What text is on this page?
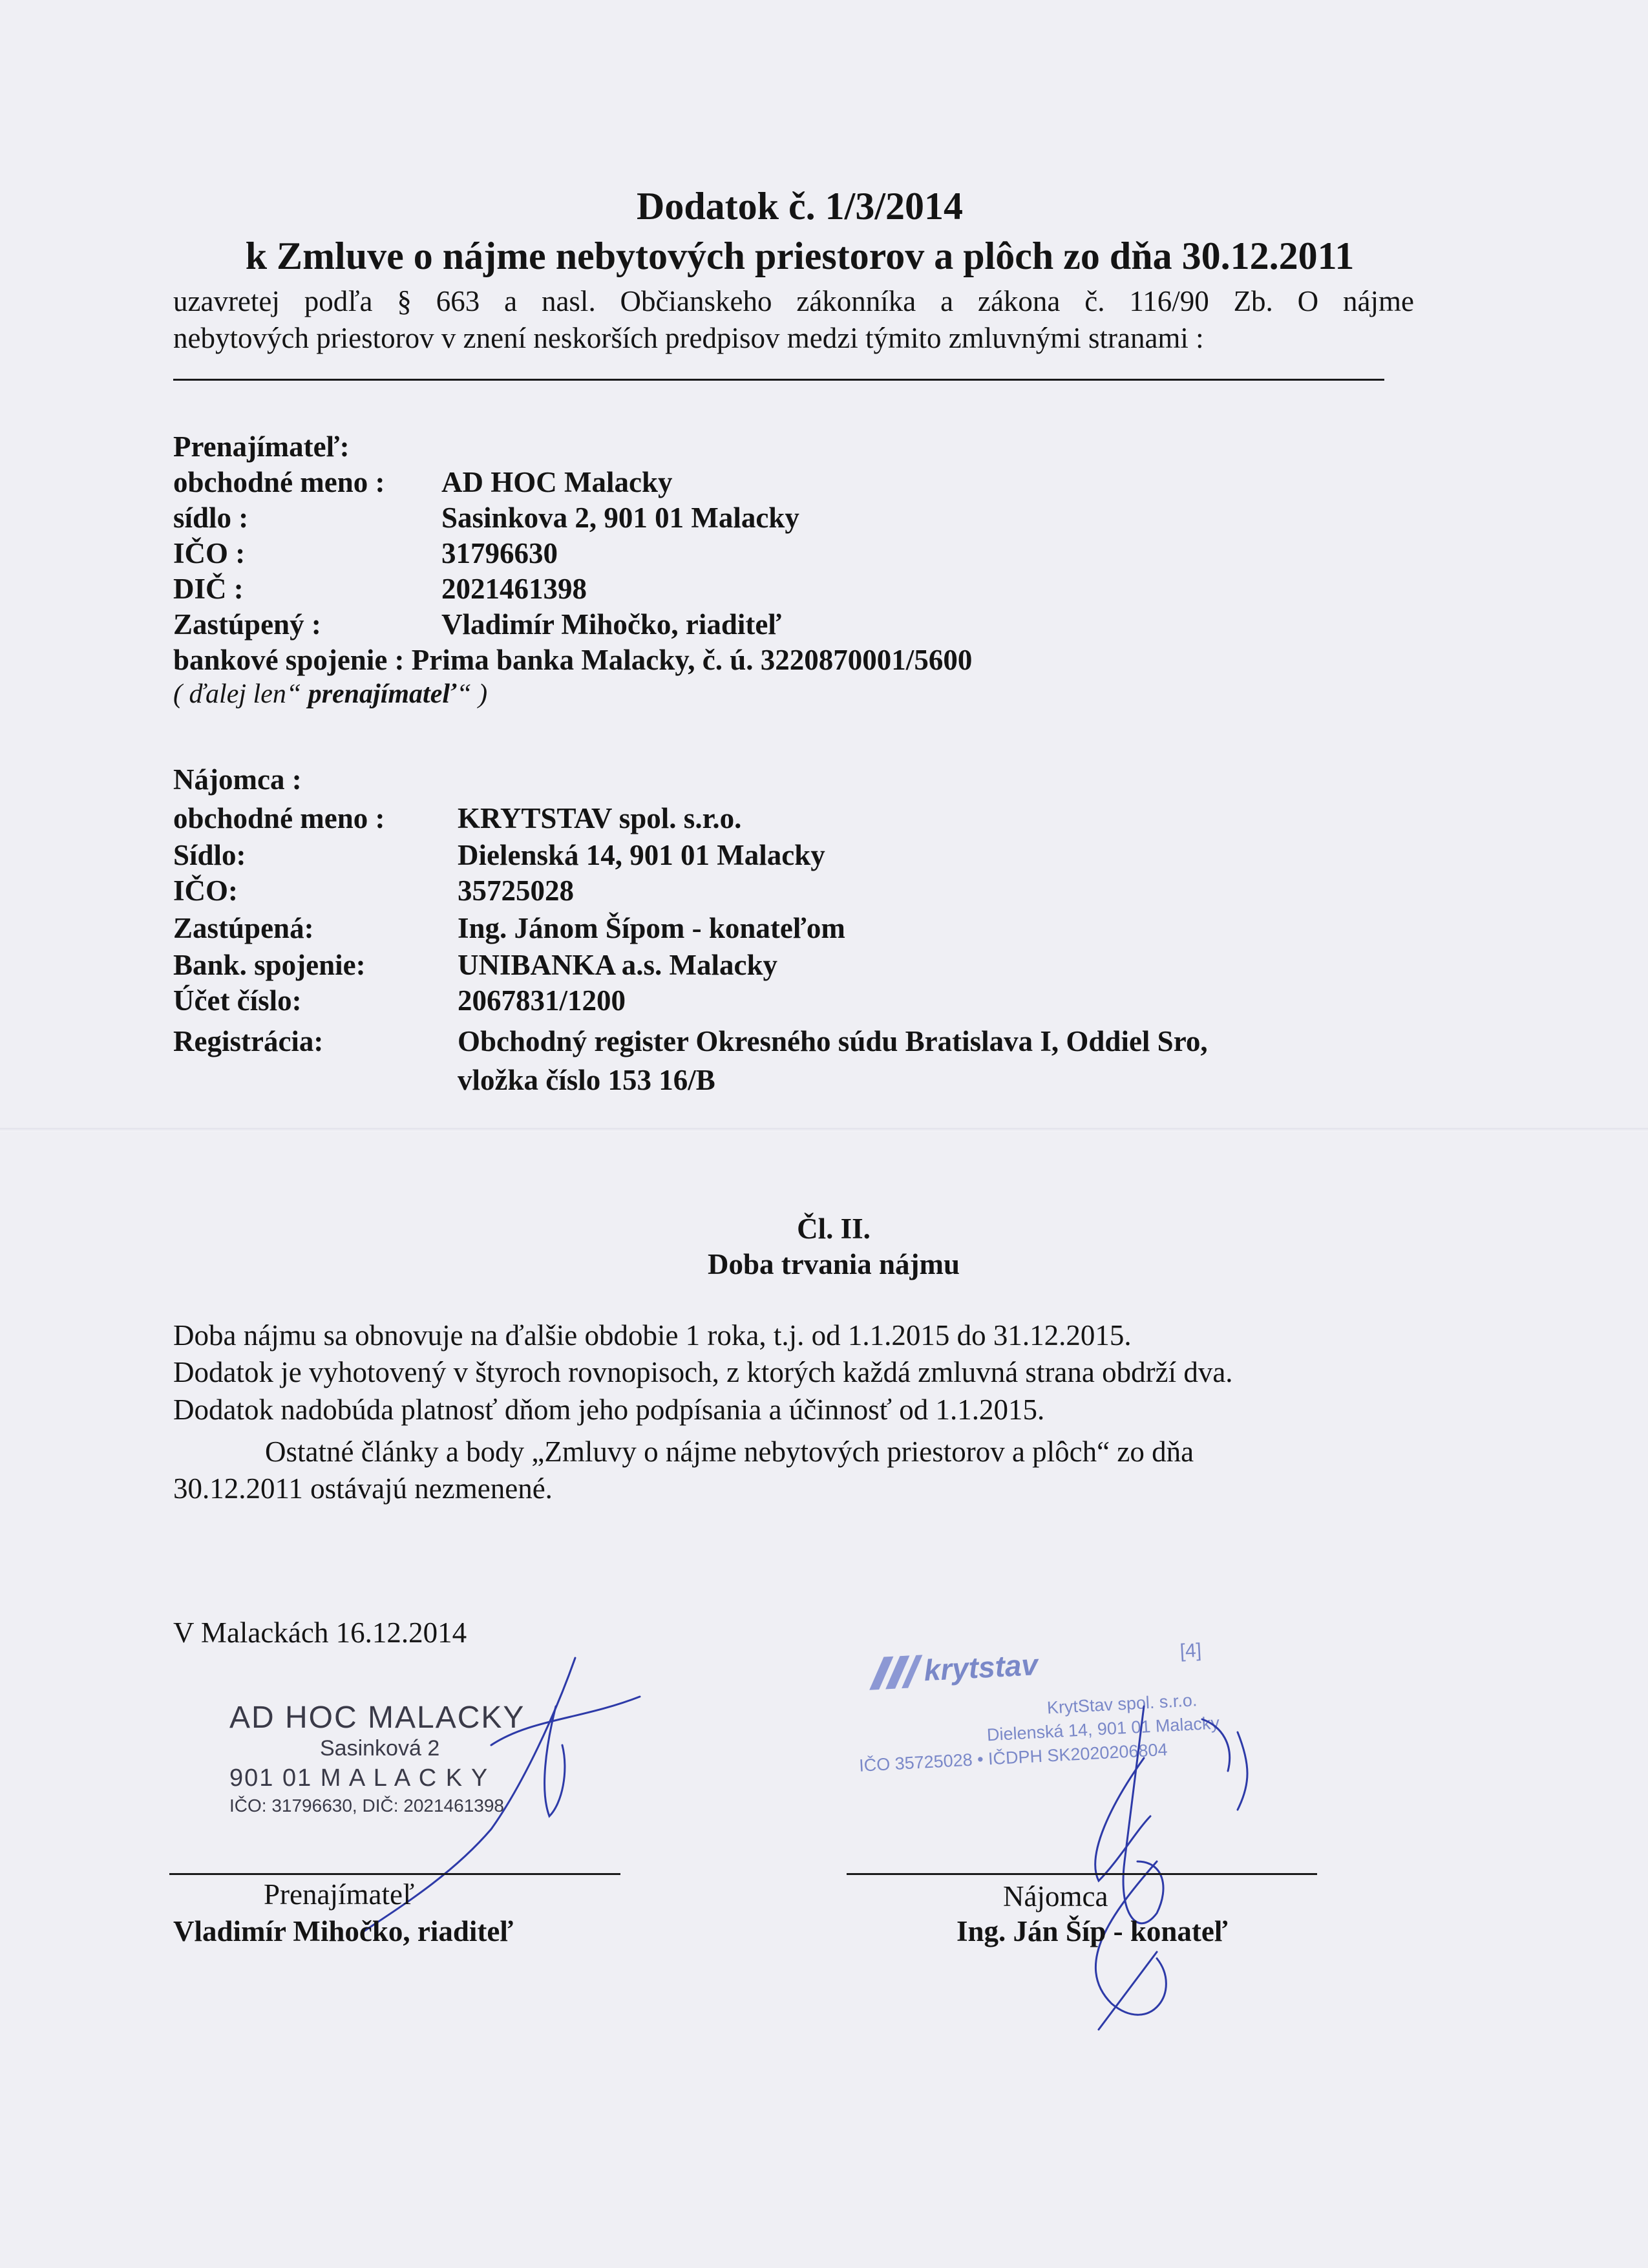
Dodatok č. 1/3/2014
k Zmluve o nájme nebytových priestorov a plôch zo dňa 30.12.2011
uzavretej podľa § 663 a nasl. Občianskeho zákonníka a zákona č. 116/90 Zb. O nájme
nebytových priestorov v znení neskorších predpisov medzi týmito zmluvnými stranami :
Prenajímateľ:
obchodné meno : AD HOC Malacky
sídlo :	Sasinkova 2, 901 01 Malacky
IČO :	31796630
DIČ :	2021461398
Zastúpený :	Vladimír Mihočko, riaditeľ
bankové spojenie : Prima banka Malacky, č. ú. 3220870001/5600
( ďalej len“ prenajímateľ“ )
Nájomca :
obchodné meno : KRYTSTAV spol. s.r.o.
Sídlo:	Dielenská 14, 901 01 Malacky
IČO:	35725028
Zastúpená:	Ing. Jánom Šípom - konateľom
Bank. spojenie:	UNIBANKA a.s. Malacky
Účet číslo:	2067831/1200
Registrácia:	Obchodný register Okresného súdu Bratislava I, Oddiel Sro,
vložka číslo 153 16/B
Čl. II.
Doba trvania nájmu
Doba nájmu sa obnovuje na ďalšie obdobie 1 roka, t.j. od 1.1.2015 do 31.12.2015.
Dodatok je vyhotovený v štyroch rovnopisoch, z ktorých každá zmluvná strana obdrží dva.
Dodatok nadobúda platnosť dňom jeho podpísania a účinnosť od 1.1.2015.
Ostatné články a body „Zmluvy o nájme nebytových priestorov a plôch“ zo dňa
30.12.2011 ostávajú nezmenené.
V Malackách 16.12.2014
AD HOC MALACKY
Sasinková 2
901 01 M A L A C K Y
IČO: 31796630, DIČ: 2021461398
krytstav	[4]
KrytStav spol. s.r.o.
Dielenská 14, 901 01 Malacky
IČO 35725028 • IČDPH SK2020206804
Prenajímateľ
Vladimír Mihočko, riaditeľ
Nájomca
Ing. Ján Šíp - konateľ
